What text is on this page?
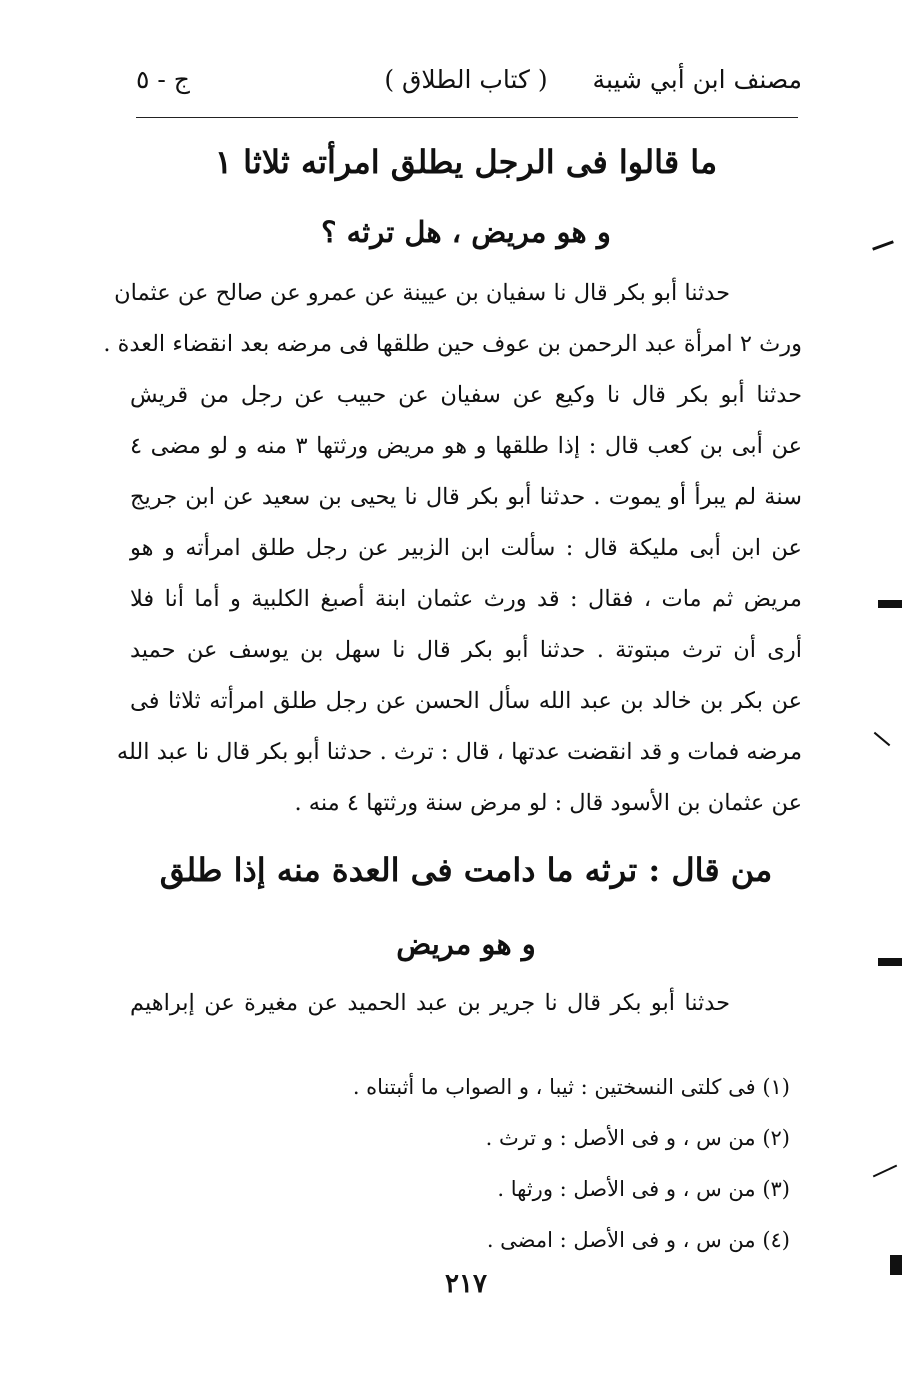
مصنف ابن أبي شيبة
( كتاب الطلاق )
ج - ٥
ما قالوا فى الرجل يطلق امرأته ثلاثا ١
و هو مريض ، هل ترثه ؟
حدثنا أبو بكر قال نا سفيان بن عيينة عن عمرو عن صالح عن عثمان
ورث ٢ امرأة عبد الرحمن بن عوف حين طلقها فى مرضه بعد انقضاء العدة .
حدثنا أبو بكر قال نا وكيع عن سفيان عن حبيب عن رجل من قريش
عن أبى بن كعب قال : إذا طلقها و هو مريض ورثتها ٣ منه و لو مضى ٤
سنة لم يبرأ أو يموت . حدثنا أبو بكر قال نا يحيى بن سعيد عن ابن جريج
عن ابن أبى مليكة قال : سألت ابن الزبير عن رجل طلق امرأته و هو
مريض ثم مات ، فقال : قد ورث عثمان ابنة أصبغ الكلبية و أما أنا فلا
أرى أن ترث مبتوتة . حدثنا أبو بكر قال نا سهل بن يوسف عن حميد
عن بكر بن خالد بن عبد الله سأل الحسن عن رجل طلق امرأته ثلاثا فى
مرضه فمات و قد انقضت عدتها ، قال : ترث . حدثنا أبو بكر قال نا عبد الله
عن عثمان بن الأسود قال : لو مرض سنة ورثتها ٤ منه .
من قال : ترثه ما دامت فى العدة منه إذا طلق
و هو مريض
حدثنا أبو بكر قال نا جرير بن عبد الحميد عن مغيرة عن إبراهيم
(١) فى كلتى النسختين : ثيبا ، و الصواب ما أثبتناه .
(٢) من س ، و فى الأصل : و ترث .
(٣) من س ، و فى الأصل : ورثها .
(٤) من س ، و فى الأصل : امضى .
٢١٧
